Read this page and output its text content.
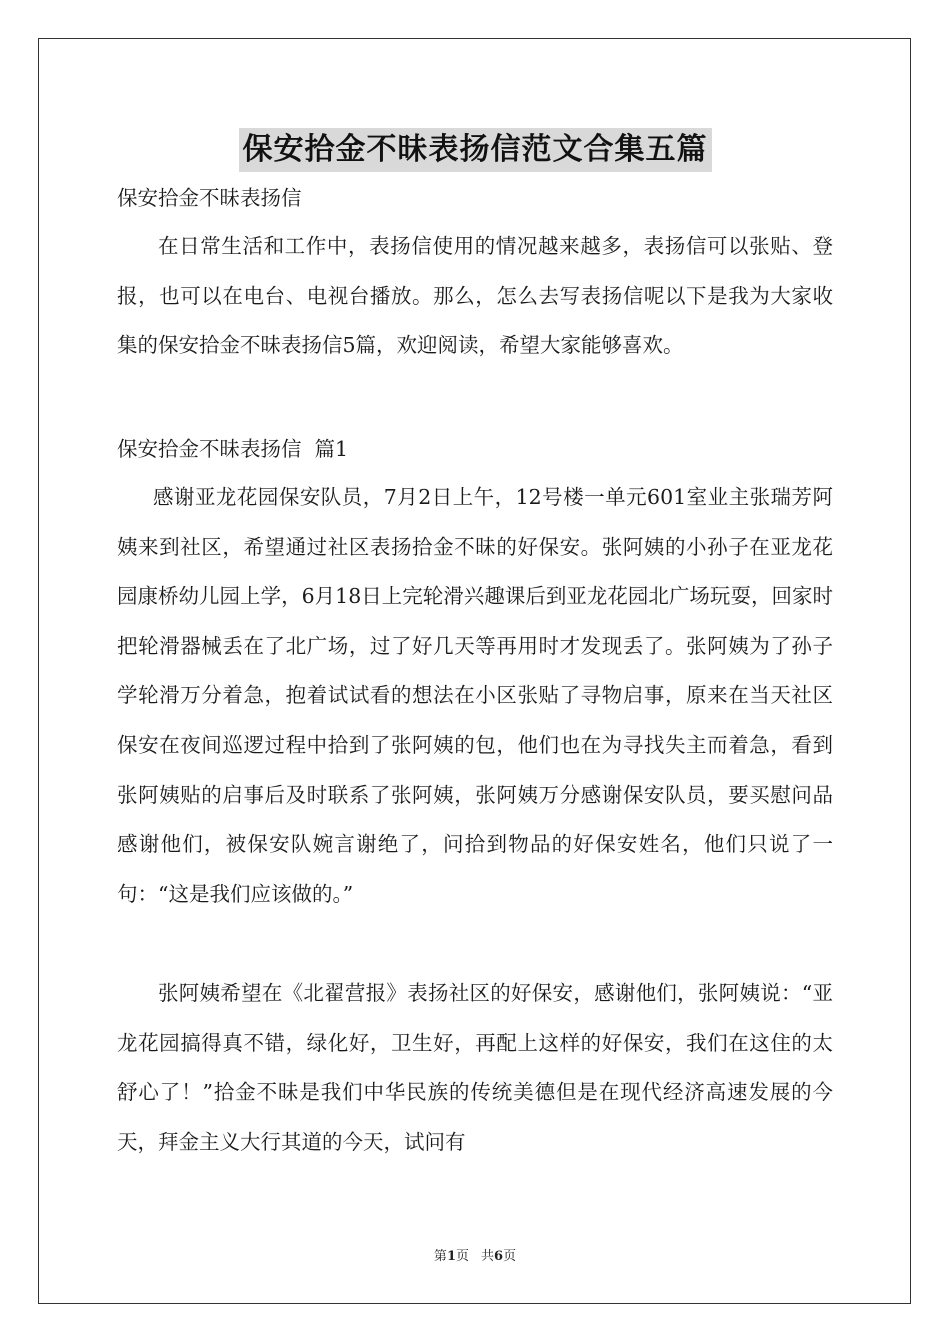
保安拾金不昧表扬信范文合集五篇
保安拾金不昧表扬信
在日常生活和工作中，表扬信使用的情况越来越多，表扬信可以张贴、登报，也可以在电台、电视台播放。那么，怎么去写表扬信呢以下是我为大家收集的保安拾金不昧表扬信5篇，欢迎阅读，希望大家能够喜欢。
保安拾金不昧表扬信  篇1
感谢亚龙花园保安队员，7月2日上午，12号楼一单元601室业主张瑞芳阿姨来到社区，希望通过社区表扬拾金不昧的好保安。张阿姨的小孙子在亚龙花园康桥幼儿园上学，6月18日上完轮滑兴趣课后到亚龙花园北广场玩耍，回家时把轮滑器械丢在了北广场，过了好几天等再用时才发现丢了。张阿姨为了孙子学轮滑万分着急，抱着试试看的想法在小区张贴了寻物启事，原来在当天社区保安在夜间巡逻过程中拾到了张阿姨的包，他们也在为寻找失主而着急，看到张阿姨贴的启事后及时联系了张阿姨，张阿姨万分感谢保安队员，要买慰问品感谢他们，被保安队婉言谢绝了，问拾到物品的好保安姓名，他们只说了一句：“这是我们应该做的。”
张阿姨希望在《北翟营报》表扬社区的好保安，感谢他们，张阿姨说：“亚龙花园搞得真不错，绿化好，卫生好，再配上这样的好保安，我们在这住的太舒心了！”拾金不昧是我们中华民族的传统美德但是在现代经济高速发展的今天，拜金主义大行其道的今天，试问有
第1页 共6页
